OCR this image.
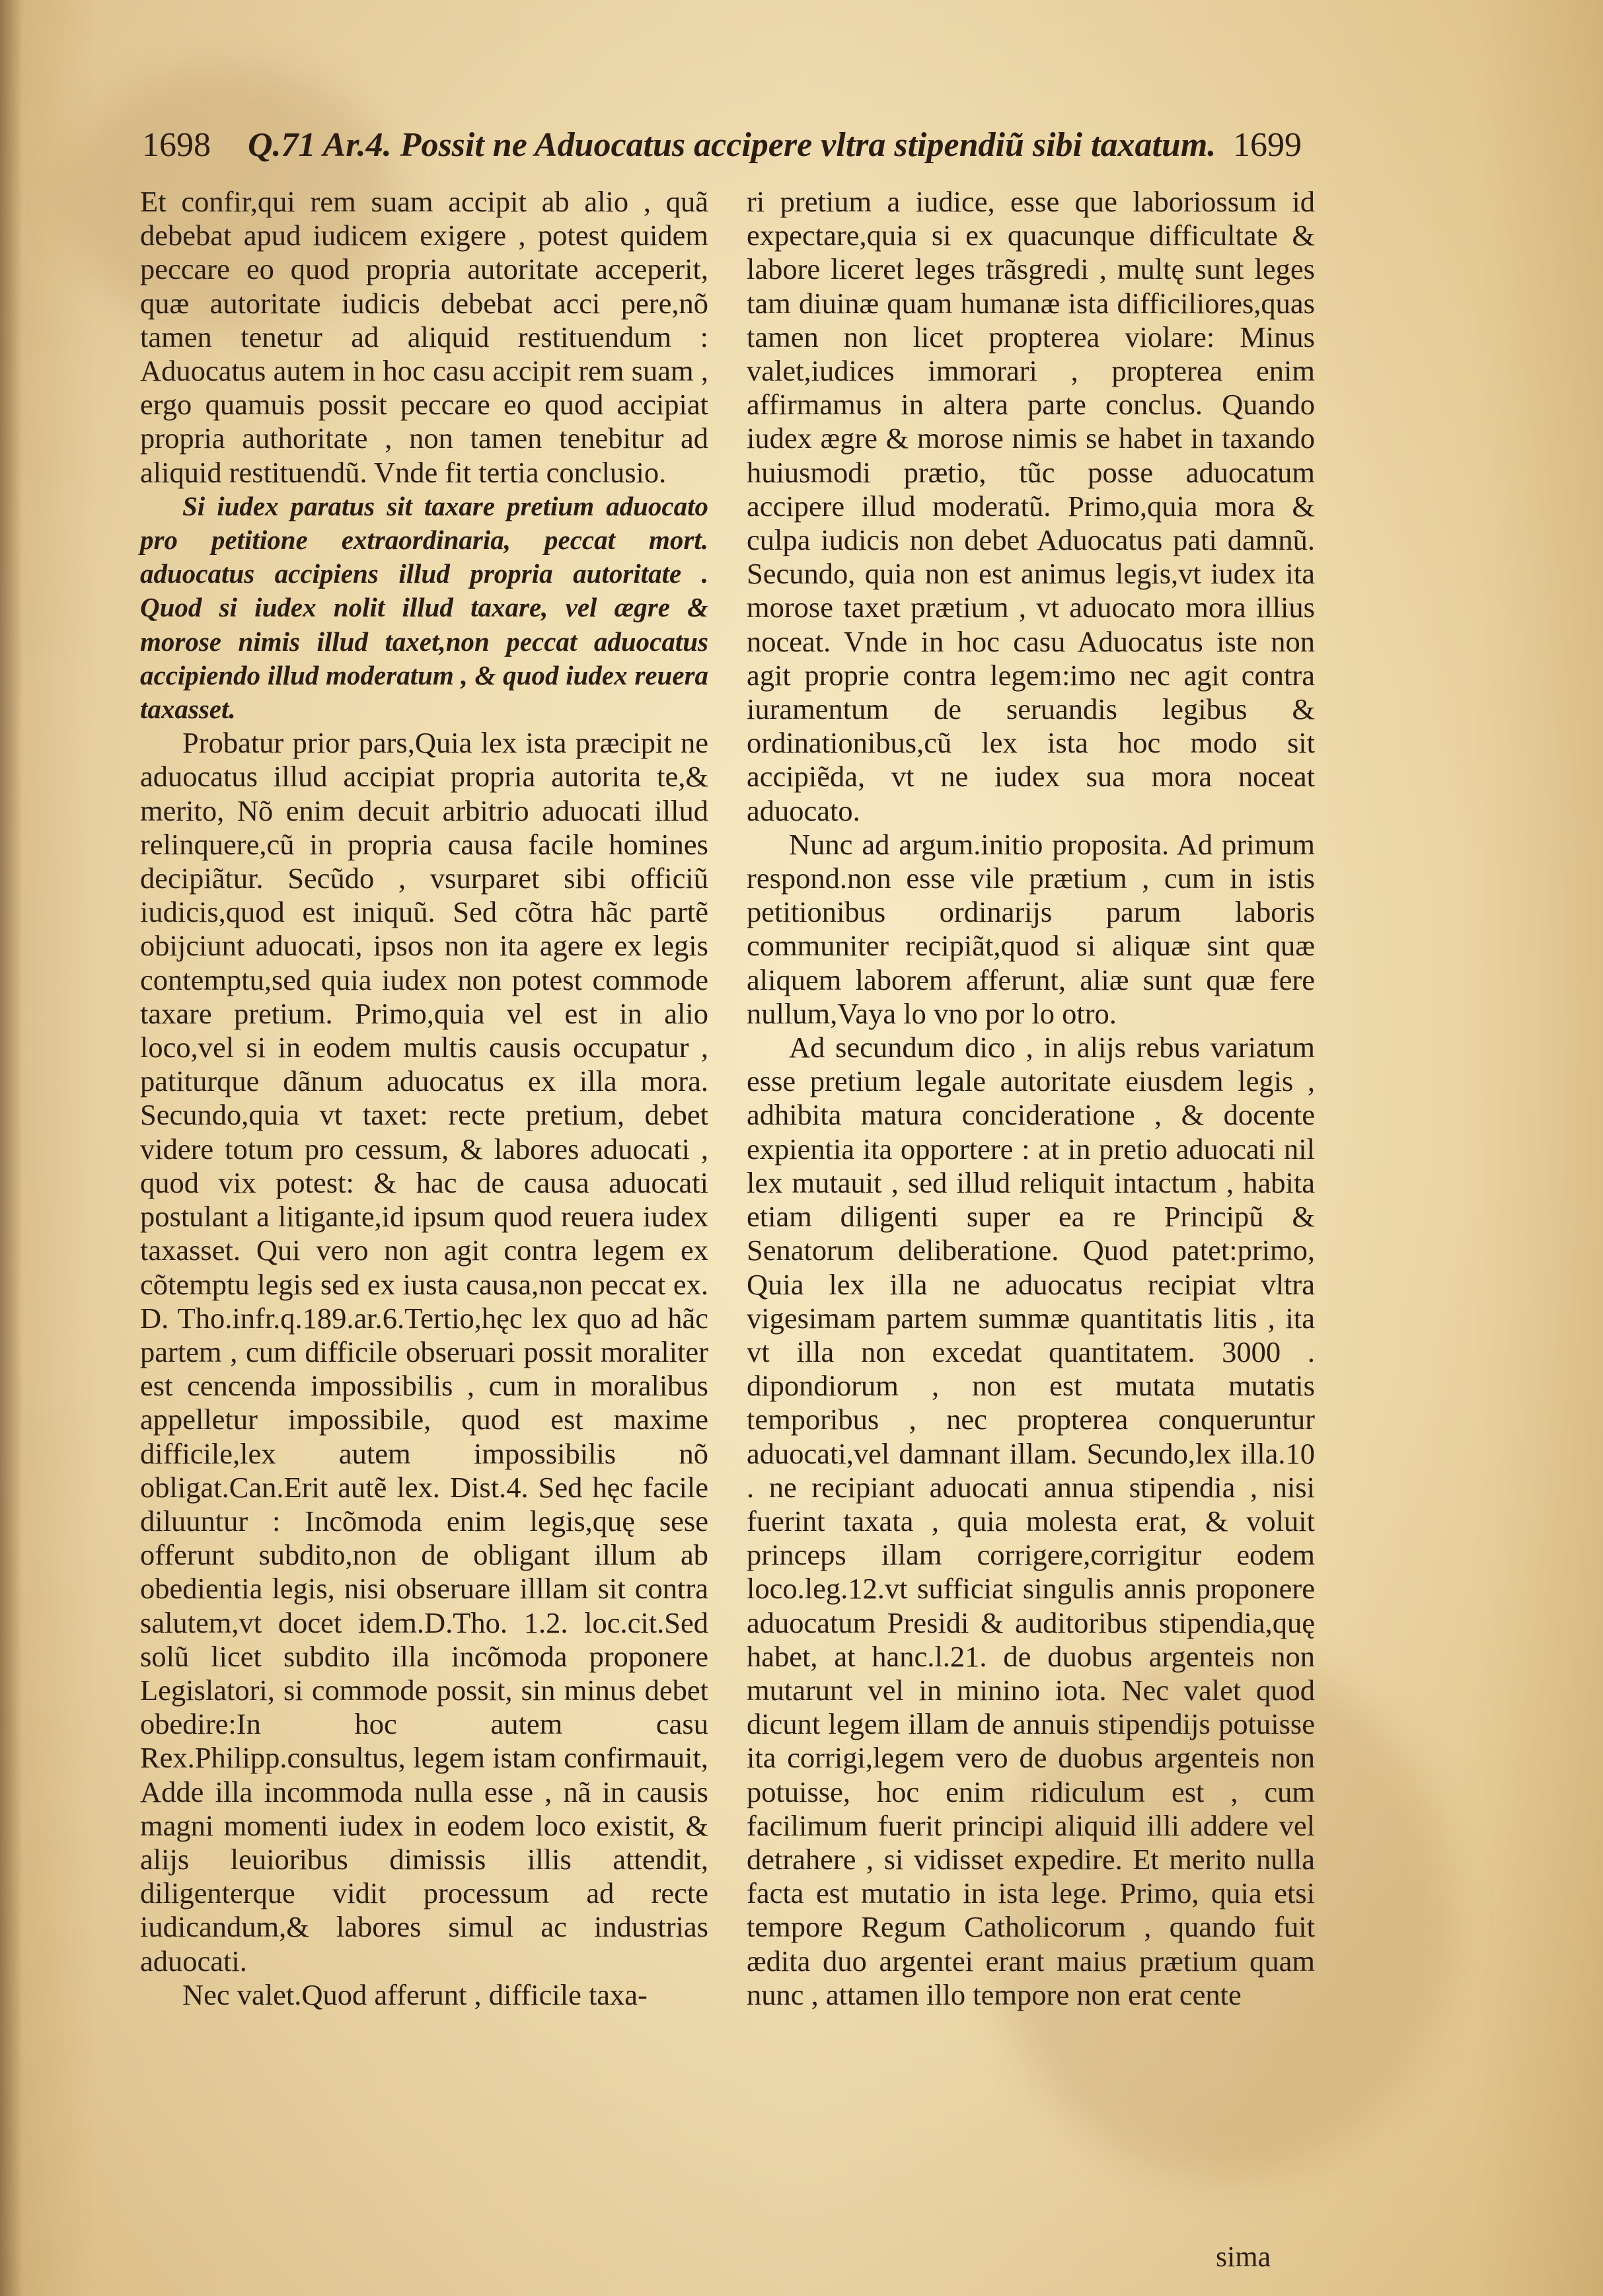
1698 Q.71 Ar.4. Possit ne Aduocatus accipere vltra stipendiũ sibi taxatum. 1699

Et confir,qui rem suam accipit ab alio , quã debebat apud iudicem exigere , potest quidem peccare eo quod propria autoritate acceperit, quæ autoritate iudicis debebat acci pere,nõ tamen tenetur ad aliquid restituendum : Aduocatus autem in hoc casu accipit rem suam , ergo quamuis possit peccare eo quod accipiat propria authoritate , non tamen tenebitur ad aliquid restituendũ. Vnde fit tertia conclusio.

Si iudex paratus sit taxare pretium aduocato pro petitione extraordinaria, peccat mort. aduocatus accipiens illud propria autoritate . Quod si iudex nolit illud taxare, vel ægre & morose nimis illud taxet,non peccat aduocatus accipiendo illud moderatum , & quod iudex reuera taxasset.

Probatur prior pars,Quia lex ista præcipit ne aduocatus illud accipiat propria autorita te,& merito, Nõ enim decuit arbitrio aduocati illud relinquere,cũ in propria causa facile homines decipiãtur. Secũdo , vsurparet sibi officiũ iudicis,quod est iniquũ. Sed cõtra hãc partẽ obijciunt aduocati, ipsos non ita agere ex legis contemptu,sed quia iudex non potest commode taxare pretium. Primo,quia vel est in alio loco,vel si in eodem multis causis occupatur , patiturque dãnum aduocatus ex illa mora. Secundo,quia vt taxet: recte pretium, debet videre totum pro cessum, & labores aduocati , quod vix potest: & hac de causa aduocati postulant a litigante,id ipsum quod reuera iudex taxasset. Qui vero non agit contra legem ex cõtemptu legis sed ex iusta causa,non peccat ex. D. Tho.infr.q.189.ar.6.Tertio,hęc lex quo ad hãc partem , cum difficile obseruari possit moraliter est cencenda impossibilis , cum in moralibus appelletur impossibile, quod est maxime difficile,lex autem impossibilis nõ obligat.Can.Erit autẽ lex. Dist.4. Sed hęc facile diluuntur : Incõmoda enim legis,quę sese offerunt subdito,non de obligant illum ab obedientia legis, nisi obseruare illlam sit contra salutem,vt docet idem.D.Tho. 1.2. loc.cit.Sed solũ licet subdito illa incõmoda proponere Legislatori, si commode possit, sin minus debet obedire:In hoc autem casu Rex.Philipp.consultus, legem istam confirmauit, Adde illa incommoda nulla esse , nã in causis magni momenti iudex in eodem loco existit, & alijs leuioribus dimissis illis attendit, diligenterque vidit processum ad recte iudicandum,& labores simul ac industrias aduocati.

Nec valet.Quod afferunt , difficile taxa-

ri pretium a iudice, esse que laboriossum id expectare,quia si ex quacunque difficultate & labore liceret leges trãsgredi , multę sunt leges tam diuinæ quam humanæ ista difficiliores,quas tamen non licet propterea violare: Minus valet,iudices immorari , propterea enim affirmamus in altera parte conclus. Quando iudex ægre & morose nimis se habet in taxando huiusmodi prætio, tũc posse aduocatum accipere illud moderatũ. Primo,quia mora & culpa iudicis non debet Aduocatus pati damnũ. Secundo, quia non est animus legis,vt iudex ita morose taxet prætium , vt aduocato mora illius noceat. Vnde in hoc casu Aduocatus iste non agit proprie contra legem:imo nec agit contra iuramentum de seruandis legibus & ordinationibus,cũ lex ista hoc modo sit accipiẽda, vt ne iudex sua mora noceat aduocato.

Nunc ad argum.initio proposita. Ad primum respond.non esse vile prætium , cum in istis petitionibus ordinarijs parum laboris communiter recipiãt,quod si aliquæ sint quæ aliquem laborem afferunt, aliæ sunt quæ fere nullum,Vaya lo vno por lo otro.

Ad secundum dico , in alijs rebus variatum esse pretium legale autoritate eiusdem legis , adhibita matura concideratione , & docente expientia ita opportere : at in pretio aduocati nil lex mutauit , sed illud reliquit intactum , habita etiam diligenti super ea re Principũ & Senatorum deliberatione. Quod patet:primo, Quia lex illa ne aduocatus recipiat vltra vigesimam partem summæ quantitatis litis , ita vt illa non excedat quantitatem. 3000 . dipondiorum , non est mutata mutatis temporibus , nec propterea conqueruntur aduocati,vel damnant illam. Secundo,lex illa.10 . ne recipiant aduocati annua stipendia , nisi fuerint taxata , quia molesta erat, & voluit princeps illam corrigere,corrigitur eodem loco.leg.12.vt sufficiat singulis annis proponere aduocatum Presidi & auditoribus stipendia,quę habet, at hanc.l.21. de duobus argenteis non mutarunt vel in minino iota. Nec valet quod dicunt legem illam de annuis stipendijs potuisse ita corrigi,legem vero de duobus argenteis non potuisse, hoc enim ridiculum est , cum facilimum fuerit principi aliquid illi addere vel detrahere , si vidisset expedire. Et merito nulla facta est mutatio in ista lege. Primo, quia etsi tempore Regum Catholicorum , quando fuit ædita duo argentei erant maius prætium quam nunc , attamen illo tempore non erat cente

sima
